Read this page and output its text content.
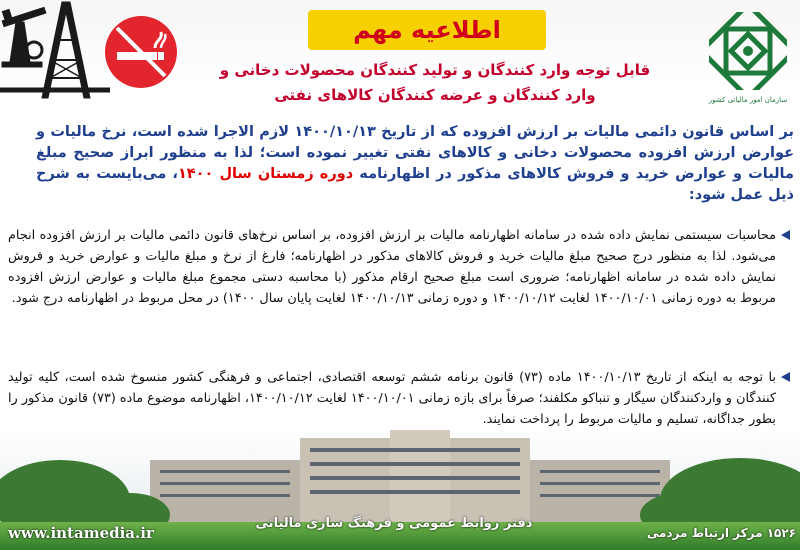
اطلاعیه مهم
قابل توجه وارد کنندگان و تولید کنندگان محصولات دخانی و
وارد کنندگان و عرضه کنندگان کالاهای نفتی	سازمان امور مالیاتی کشور
بر اساس قانون دائمی مالیات بر ارزش افزوده که از تاریخ ۱۴۰۰/۱۰/۱۳ لازم الاجرا شده است، نرخ مالیات و عوارض ارزش افزوده محصولات دخانی و کالاهای نفتی تغییر نموده است؛ لذا به منظور ابراز صحیح مبلغ مالیات و عوارض خرید و فروش کالاهای مذکور در اظهارنامه دوره زمستان سال ۱۴۰۰، می‌بایست به شرح ذیل عمل شود:
محاسبات سیستمی نمایش داده شده در سامانه اظهارنامه مالیات بر ارزش افزوده، بر اساس نرخ‌های قانون دائمی مالیات بر ارزش افزوده انجام می‌شود. لذا به منظور درج صحیح مبلغ مالیات خرید و فروش کالاهای مذکور در اظهارنامه؛ فارغ از نرخ و مبلغ مالیات و عوارض خرید و فروش نمایش داده شده در سامانه اظهارنامه؛ ضروری است مبلغ صحیح ارقام مذکور (با محاسبه دستی مجموع مبلغ مالیات و عوارض ارزش افزوده مربوط به دوره زمانی ۱۴۰۰/۱۰/۰۱ لغایت ۱۴۰۰/۱۰/۱۲ و دوره زمانی ۱۴۰۰/۱۰/۱۳ لغایت پایان سال ۱۴۰۰) در محل مربوط در اظهارنامه درج شود.
با توجه به اینکه از تاریخ ۱۴۰۰/۱۰/۱۳ ماده (۷۳) قانون برنامه ششم توسعه اقتصادی، اجتماعی و فرهنگی کشور منسوخ شده است، کلیه تولید کنندگان و واردکنندگان سیگار و تنباکو مکلفند؛ صرفاً برای بازه زمانی ۱۴۰۰/۱۰/۰۱ لغایت ۱۴۰۰/۱۰/۱۲، اظهارنامه موضوع ماده (۷۳) قانون مذکور را بطور جداگانه، تسلیم و مالیات مربوط را پرداخت نمایند.
www.intamedia.ir
دفتر روابط عمومی و فرهنگ سازی مالیاتی
۱۵۲۶ مرکز ارتباط مردمی
